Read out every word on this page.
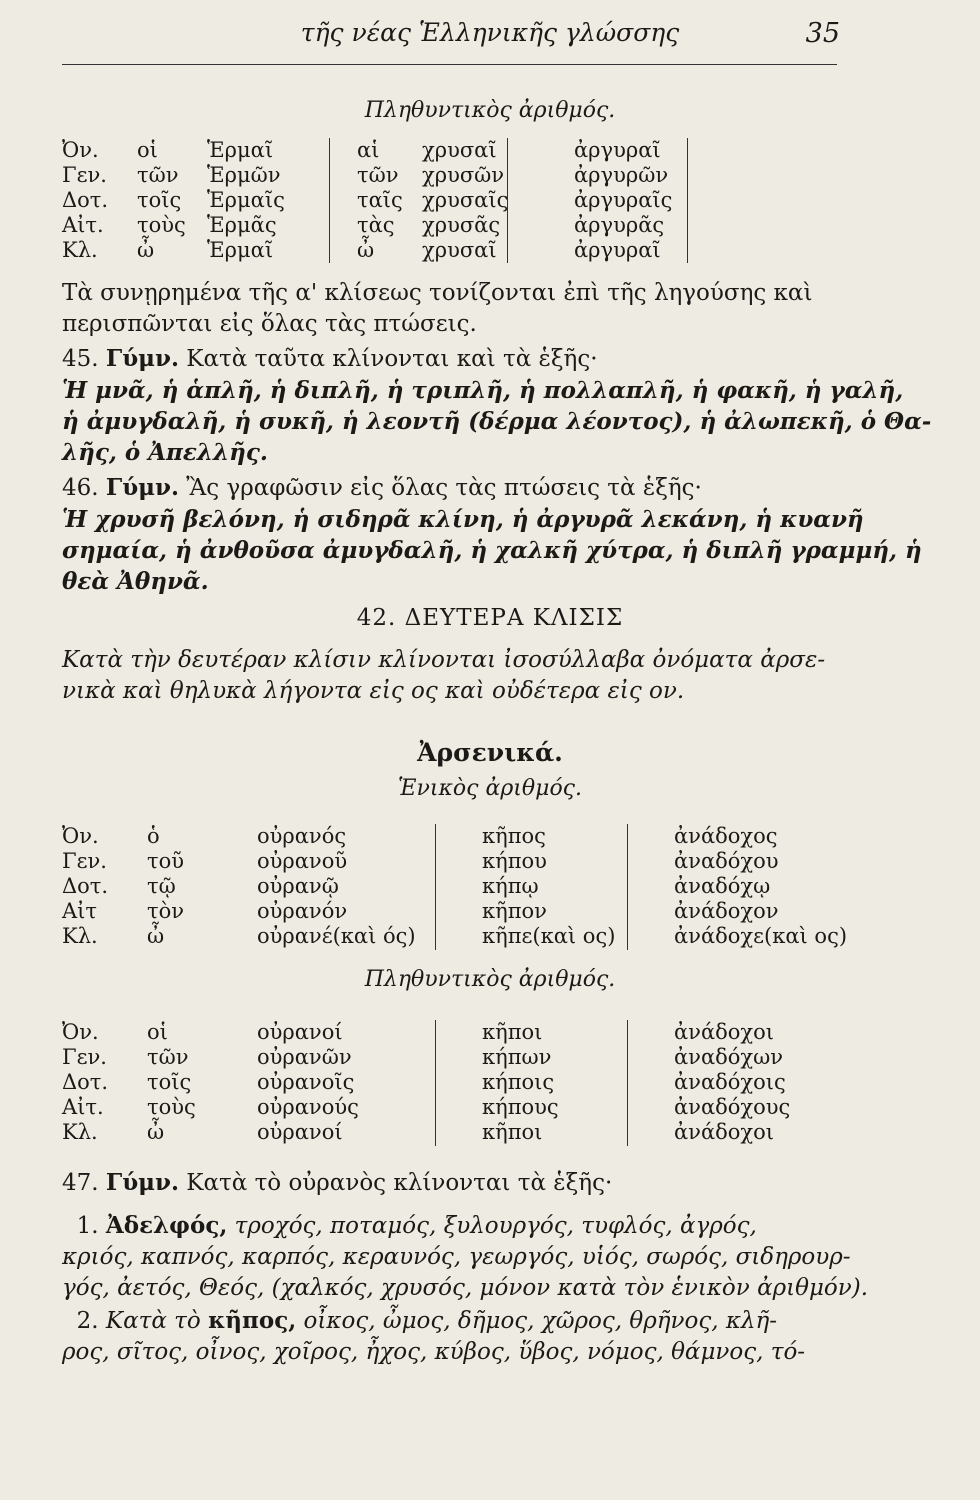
τῆς νέας Ἑλληνικῆς γλώσσης	35
Πληθυντικὸς ἀριθμός.
Ὀν. οἱ Ἑρμαῖ	αἱ χρυσαῖ	ἀργυραῖ
Γεν. τῶν Ἑρμῶν	τῶν χρυσῶν	ἀργυρῶν
Δοτ. τοῖς Ἑρμαῖς	ταῖς χρυσαῖς	ἀργυραῖς
Αἰτ. τοὺς Ἑρμᾶς	τὰς χρυσᾶς	ἀργυρᾶς
Κλ. ὦ	Ἑρμαῖ	ὦ χρυσαῖ	ἀργυραῖ
Τὰ συνῃρημένα τῆς α' κλίσεως τονίζονται ἐπὶ τῆς ληγούσης καὶ
περισπῶνται εἰς ὅλας τὰς πτώσεις.
45. Γύμν. Κατὰ ταῦτα κλίνονται καὶ τὰ ἑξῆς·
Ἡ μνᾶ, ἡ ἁπλῆ, ἡ διπλῆ, ἡ τριπλῆ, ἡ πολλαπλῆ, ἡ φακῆ, ἡ γαλῆ,
ἡ ἀμυγδαλῆ, ἡ συκῆ, ἡ λεοντῆ (δέρμα λέοντος), ἡ ἀλωπεκῆ, ὁ Θα-
λῆς, ὁ Ἀπελλῆς.
46. Γύμν. Ἂς γραφῶσιν εἰς ὅλας τὰς πτώσεις τὰ ἑξῆς·
Ἡ χρυσῆ βελόνη, ἡ σιδηρᾶ κλίνη, ἡ ἀργυρᾶ λεκάνη, ἡ κυανῆ
σημαία, ἡ ἀνθοῦσα ἀμυγδαλῆ, ἡ χαλκῆ χύτρα, ἡ διπλῆ γραμμή, ἡ
θεὰ Ἀθηνᾶ.
42. ΔΕΥΤΕΡΑ ΚΛΙΣΙΣ
Κατὰ τὴν δευτέραν κλίσιν κλίνονται ἰσοσύλλαβα ὀνόματα ἀρσε-
νικὰ καὶ θηλυκὰ λήγοντα εἰς ος καὶ οὐδέτερα εἰς ον.
Ἀρσενικά.
Ἑνικὸς ἀριθμός.
Ὀν. ὁ	οὐρανός	κῆπος	ἀνάδοχος
Γεν. τοῦ	οὐρανοῦ	κήπου	ἀναδόχου
Δοτ. τῷ	οὐρανῷ	κήπῳ	ἀναδόχῳ
Αἰτ τὸν	οὐρανόν	κῆπον	ἀνάδοχον
Κλ. ὦ	οὐρανέ(καὶ ός)	κῆπε(καὶ ος)	ἀνάδοχε(καὶ ος)
Πληθυντικὸς ἀριθμός.
Ὀν. οἱ	οὐρανοί	κῆποι	ἀνάδοχοι
Γεν. τῶν	οὐρανῶν	κήπων	ἀναδόχων
Δοτ. τοῖς	οὐρανοῖς	κήποις	ἀναδόχοις
Αἰτ. τοὺς	οὐρανούς	κήπους	ἀναδόχους
Κλ. ὦ	οὐρανοί	κῆποι	ἀνάδοχοι
47. Γύμν. Κατὰ τὸ οὐρανὸς κλίνονται τὰ ἑξῆς·
1. Ἀδελφός, τροχός, ποταμός, ξυλουργός, τυφλός, ἀγρός,
κριός, καπνός, καρπός, κεραυνός, γεωργός, υἱός, σωρός, σιδηρουρ-
γός, ἀετός, Θεός, (χαλκός, χρυσός, μόνον κατὰ τὸν ἑνικὸν ἀριθμόν).
2. Κατὰ τὸ κῆπος, οἶκος, ὦμος, δῆμος, χῶρος, θρῆνος, κλῆ-
ρος, σῖτος, οἶνος, χοῖρος, ἦχος, κύβος, ὕβος, νόμος, θάμνος, τό-
